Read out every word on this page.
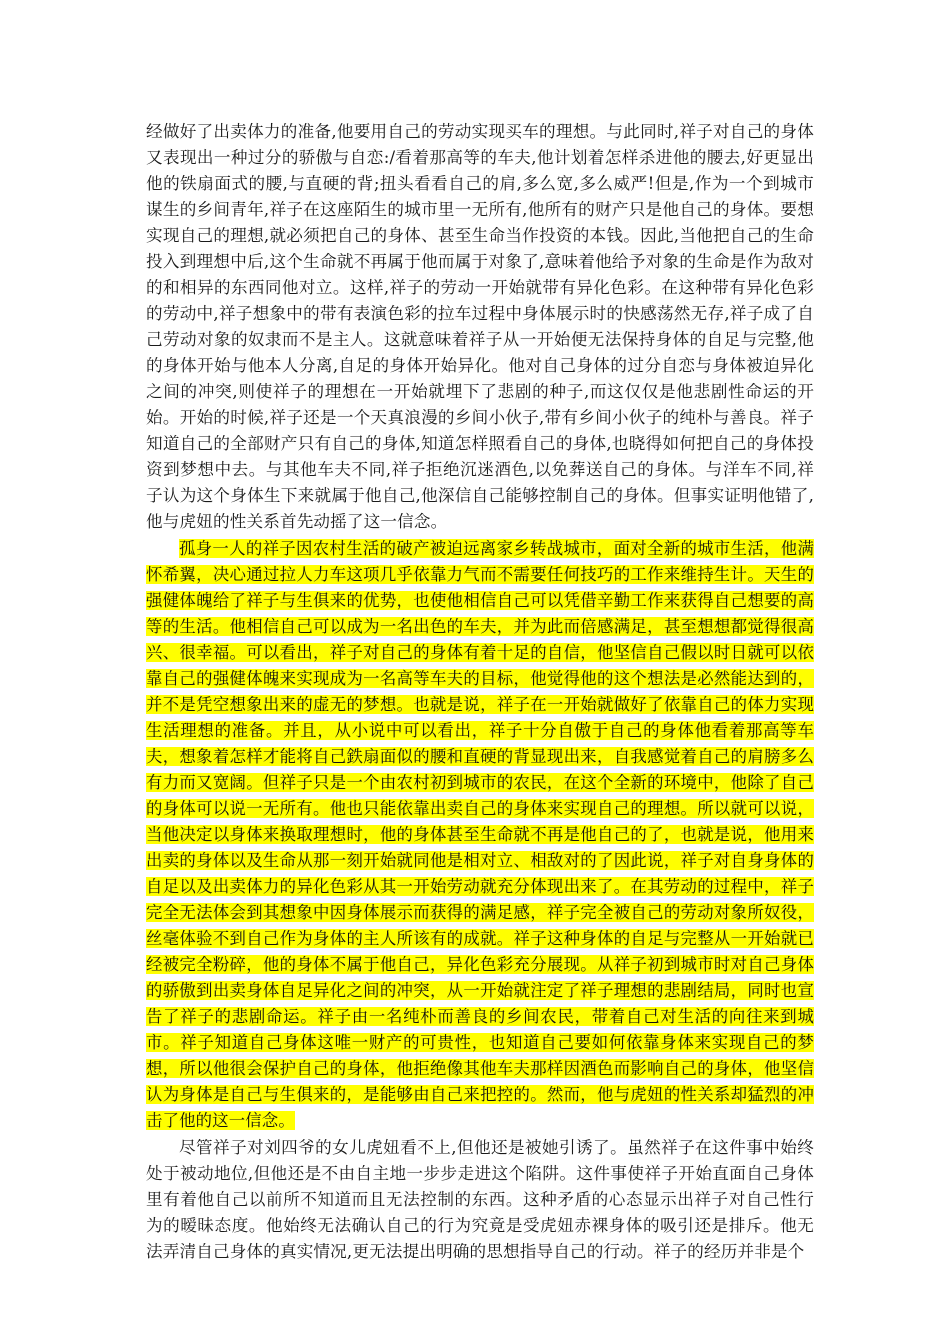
经做好了出卖体力的准备,他要用自己的劳动实现买车的理想。与此同时,祥子对自己的身体又表现出一种过分的骄傲与自恋:/看着那高等的车夫,他计划着怎样杀进他的腰去,好更显出他的铁扇面式的腰,与直硬的背;扭头看看自己的肩,多么宽,多么威严!但是,作为一个到城市谋生的乡间青年,祥子在这座陌生的城市里一无所有,他所有的财产只是他自己的身体。要想实现自己的理想,就必须把自己的身体、甚至生命当作投资的本钱。因此,当他把自己的生命投入到理想中后,这个生命就不再属于他而属于对象了,意味着他给予对象的生命是作为敌对的和相异的东西同他对立。这样,祥子的劳动一开始就带有异化色彩。在这种带有异化色彩的劳动中,祥子想象中的带有表演色彩的拉车过程中身体展示时的快感荡然无存,祥子成了自己劳动对象的奴隶而不是主人。这就意味着祥子从一开始便无法保持身体的自足与完整,他的身体开始与他本人分离,自足的身体开始异化。他对自己身体的过分自恋与身体被迫异化之间的冲突,则使祥子的理想在一开始就埋下了悲剧的种子,而这仅仅是他悲剧性命运的开始。开始的时候,祥子还是一个天真浪漫的乡间小伙子,带有乡间小伙子的纯朴与善良。祥子知道自己的全部财产只有自己的身体,知道怎样照看自己的身体,也晓得如何把自己的身体投资到梦想中去。与其他车夫不同,祥子拒绝沉迷酒色,以免葬送自己的身体。与洋车不同,祥子认为这个身体生下来就属于他自己,他深信自己能够控制自己的身体。但事实证明他错了,他与虎妞的性关系首先动摇了这一信念。

孤身一人的祥子因农村生活的破产被迫远离家乡转战城市，面对全新的城市生活，他满怀希翼，决心通过拉人力车这项几乎依靠力气而不需要任何技巧的工作来维持生计。天生的强健体魄给了祥子与生俱来的优势，也使他相信自己可以凭借辛勤工作来获得自己想要的高等的生活。他相信自己可以成为一名出色的车夫，并为此而倍感满足，甚至想想都觉得很高兴、很幸福。可以看出，祥子对自己的身体有着十足的自信，他坚信自己假以时日就可以依靠自己的强健体魄来实现成为一名高等车夫的目标，他觉得他的这个想法是必然能达到的，并不是凭空想象出来的虚无的梦想。也就是说，祥子在一开始就做好了依靠自己的体力实现生活理想的准备。并且，从小说中可以看出，祥子十分自傲于自己的身体他看着那高等车夫，想象着怎样才能将自己鉄扇面似的腰和直硬的背显现出来，自我感觉着自己的肩膀多么有力而又宽阔。但祥子只是一个由农村初到城市的农民，在这个全新的环境中，他除了自己的身体可以说一无所有。他也只能依靠出卖自己的身体来实现自己的理想。所以就可以说，当他决定以身体来换取理想时，他的身体甚至生命就不再是他自己的了，也就是说，他用来出卖的身体以及生命从那一刻开始就同他是相对立、相敌对的了因此说，祥子对自身身体的自足以及出卖体力的异化色彩从其一开始劳动就充分体现出来了。在其劳动的过程中，祥子完全无法体会到其想象中因身体展示而获得的满足感，祥子完全被自己的劳动对象所奴役，丝毫体验不到自己作为身体的主人所该有的成就。祥子这种身体的自足与完整从一开始就已经被完全粉碎，他的身体不属于他自己，异化色彩充分展现。从祥子初到城市时对自己身体的骄傲到出卖身体自足异化之间的冲突，从一开始就注定了祥子理想的悲剧结局，同时也宣告了祥子的悲剧命运。祥子由一名纯朴而善良的乡间农民，带着自己对生活的向往来到城市。祥子知道自己身体这唯一财产的可贵性，也知道自己要如何依靠身体来实现自己的梦想，所以他很会保护自己的身体，他拒绝像其他车夫那样因酒色而影响自己的身体，他坚信认为身体是自己与生俱来的，是能够由自己来把控的。然而，他与虎妞的性关系却猛烈的冲击了他的这一信念。

尽管祥子对刘四爷的女儿虎妞看不上,但他还是被她引诱了。虽然祥子在这件事中始终处于被动地位,但他还是不由自主地一步步走进这个陷阱。这件事使祥子开始直面自己身体里有着他自己以前所不知道而且无法控制的东西。这种矛盾的心态显示出祥子对自己性行为的暧昧态度。他始终无法确认自己的行为究竟是受虎妞赤裸身体的吸引还是排斥。他无法弄清自己身体的真实情况,更无法提出明确的思想指导自己的行动。祥子的经历并非是个
